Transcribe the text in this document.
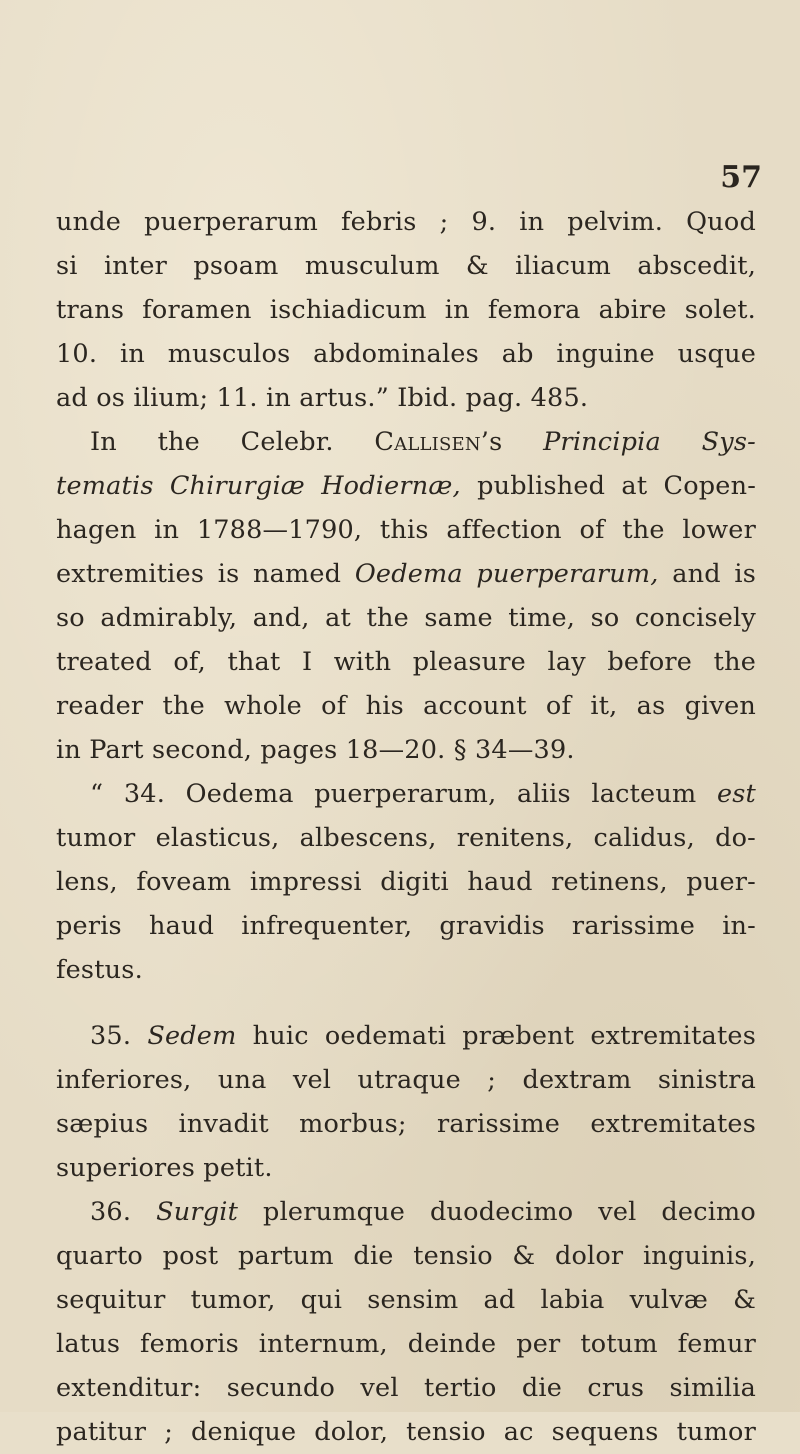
57
unde puerperarum febris ; 9. in pelvim. Quod
si inter psoam musculum & iliacum abscedit,
trans foramen ischiadicum in femora abire solet.
10. in musculos abdominales ab inguine usque
ad os ilium; 11. in artus.” Ibid. pag. 485.
In the Celebr. Callisen’s Principia Sys-
tematis Chirurgiæ Hodiernæ, published at Copen-
hagen in 1788—1790, this affection of the lower
extremities is named Oedema puerperarum, and is
so admirably, and, at the same time, so concisely
treated of, that I with pleasure lay before the
reader the whole of his account of it, as given
in Part second, pages 18—20. § 34—39.
“ 34. Oedema puerperarum, aliis lacteum est
tumor elasticus, albescens, renitens, calidus, do-
lens, foveam impressi digiti haud retinens, puer-
peris haud infrequenter, gravidis rarissime in-
festus.
35. Sedem huic oedemati præbent extremitates
inferiores, una vel utraque ; dextram sinistra
sæpius invadit morbus; rarissime extremitates
superiores petit.
36. Surgit plerumque duodecimo vel decimo
quarto post partum die tensio & dolor inguinis,
sequitur tumor, qui sensim ad labia vulvæ &
latus femoris internum, deinde per totum femur
extenditur: secundo vel tertio die crus similia
patitur ; denique dolor, tensio ac sequens tumor
